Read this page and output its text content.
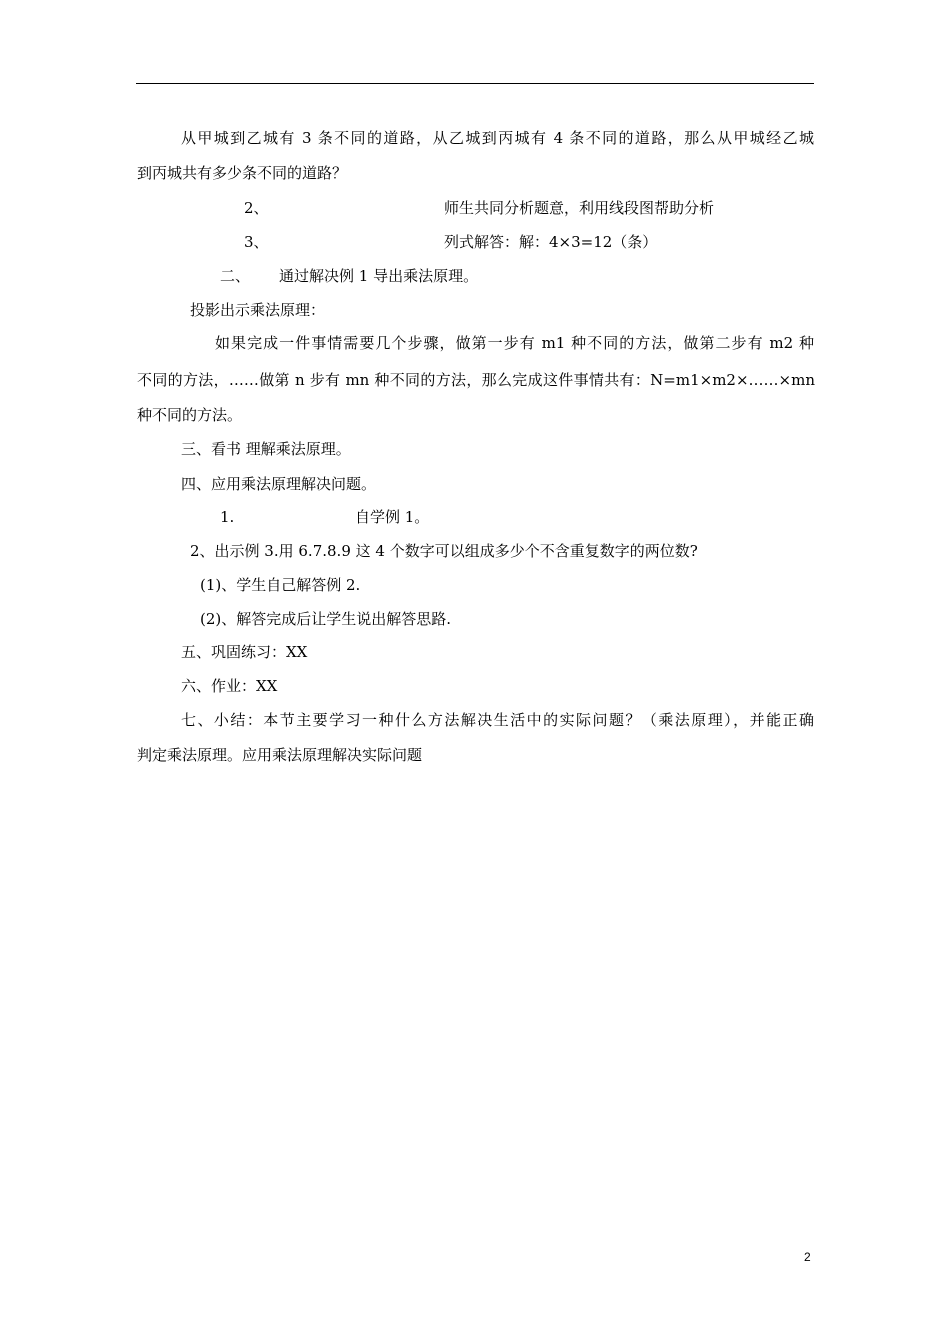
从甲城到乙城有 3 条不同的道路，从乙城到丙城有 4 条不同的道路，那么从甲城经乙城
到丙城共有多少条不同的道路？
2、	师生共同分析题意，利用线段图帮助分析
3、	列式解答：解：4×3=12（条）
二、 通过解决例 1 导出乘法原理。
投影出示乘法原理：
如果完成一件事情需要几个步骤，做第一步有 m1 种不同的方法，做第二步有 m2 种
不同的方法，……做第 n 步有 mn 种不同的方法，那么完成这件事情共有：N=m1×m2×……×mn
种不同的方法。
三、看书 理解乘法原理。
四、应用乘法原理解决问题。
1.	自学例 1。
2、出示例 3.用 6.7.8.9 这 4 个数字可以组成多少个不含重复数字的两位数?
(1)、学生自己解答例 2.
(2)、解答完成后让学生说出解答思路.
五、巩固练习：XX
六、作业：XX
七、小结：本节主要学习一种什么方法解决生活中的实际问题？（乘法原理），并能正确
判定乘法原理。应用乘法原理解决实际问题
2
